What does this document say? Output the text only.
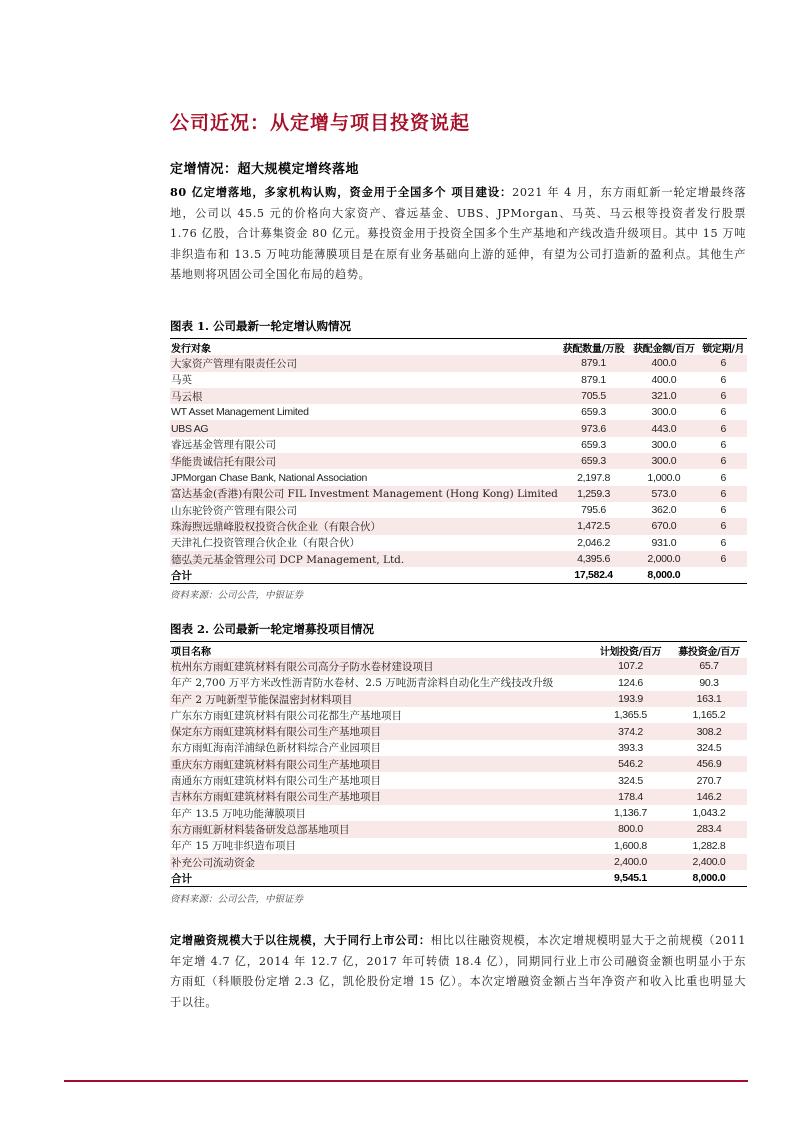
公司近况：从定增与项目投资说起
定增情况：超大规模定增终落地

80 亿定增落地，多家机构认购，资金用于全国多个 项目建设：2021 年 4 月，东方雨虹新一轮定增最终落地，公司以 45.5 元的价格向大家资产、睿远基金、UBS、JPMorgan、马英、马云根等投资者发行股票 1.76 亿股，合计募集资金 80 亿元。募投资金用于投资全国多个生产基地和产线改造升级项目。其中 15 万吨非织造布和 13.5 万吨功能薄膜项目是在原有业务基础向上游的延伸，有望为公司打造新的盈利点。其他生产基地则将巩固公司全国化布局的趋势。

图表 1. 公司最新一轮定增认购情况

发行对象	获配数量/万股	获配金额/百万	锁定期/月
大家资产管理有限责任公司	879.1	400.0	6
马英	879.1	400.0	6
马云根	705.5	321.0	6
WT Asset Management Limited	659.3	300.0	6
UBS AG	973.6	443.0	6
睿远基金管理有限公司	659.3	300.0	6
华能贵诚信托有限公司	659.3	300.0	6
JPMorgan Chase Bank, National Association	2,197.8	1,000.0	6
富达基金(香港)有限公司 FIL Investment Management (Hong Kong) Limited	1,259.3	573.0	6
山东驼铃资产管理有限公司	795.6	362.0	6
珠海煦远鼎峰股权投资合伙企业（有限合伙）	1,472.5	670.0	6
天津礼仁投资管理合伙企业（有限合伙）	2,046.2	931.0	6
德弘美元基金管理公司 DCP Management, Ltd.	4,395.6	2,000.0	6
合计	17,582.4	8,000.0	

资料来源：公司公告，中银证券

图表 2. 公司最新一轮定增募投项目情况

项目名称	计划投资/百万	募投资金/百万
杭州东方雨虹建筑材料有限公司高分子防水卷材建设项目	107.2	65.7
年产 2,700 万平方米改性沥青防水卷材、2.5 万吨沥青涂料自动化生产线技改升级	124.6	90.3
年产 2 万吨新型节能保温密封材料项目	193.9	163.1
广东东方雨虹建筑材料有限公司花都生产基地项目	1,365.5	1,165.2
保定东方雨虹建筑材料有限公司生产基地项目	374.2	308.2
东方雨虹海南洋浦绿色新材料综合产业园项目	393.3	324.5
重庆东方雨虹建筑材料有限公司生产基地项目	546.2	456.9
南通东方雨虹建筑材料有限公司生产基地项目	324.5	270.7
吉林东方雨虹建筑材料有限公司生产基地项目	178.4	146.2
年产 13.5 万吨功能薄膜项目	1,136.7	1,043.2
东方雨虹新材料装备研发总部基地项目	800.0	283.4
年产 15 万吨非织造布项目	1,600.8	1,282.8
补充公司流动资金	2,400.0	2,400.0
合计	9,545.1	8,000.0

资料来源：公司公告，中银证券

定增融资规模大于以往规模，大于同行上市公司：相比以往融资规模，本次定增规模明显大于之前规模（2011 年定增 4.7 亿，2014 年 12.7 亿，2017 年可转债 18.4 亿），同期同行业上市公司融资金额也明显小于东方雨虹（科顺股份定增 2.3 亿，凯伦股份定增 15 亿）。本次定增融资金额占当年净资产和收入比重也明显大于以往。
